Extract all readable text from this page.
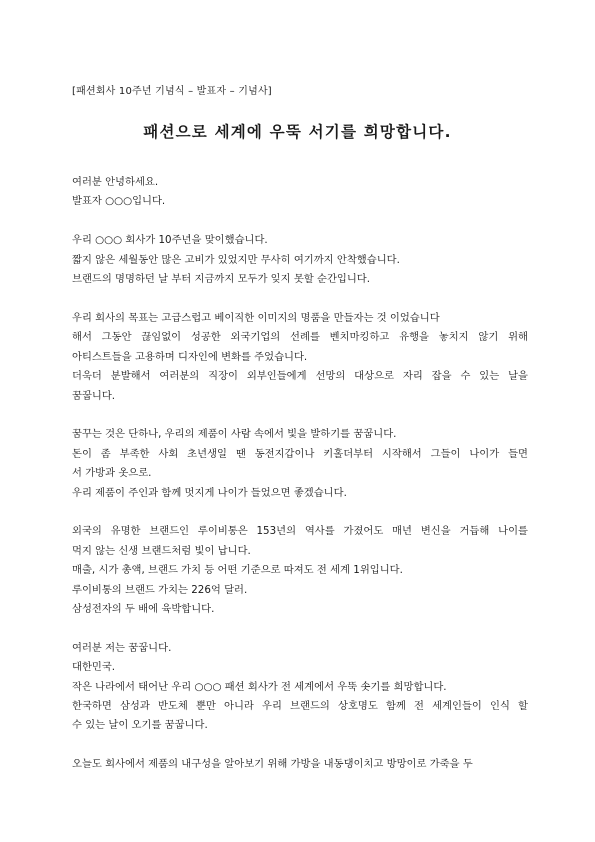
[패션회사 10주년 기념식 – 발표자 – 기념사]
패션으로 세계에 우뚝 서기를 희망합니다.
여러분 안녕하세요.
발표자 ○○○입니다.
우리 ○○○ 회사가 10주년을 맞이했습니다.
짧지 않은 세월동안 많은 고비가 있었지만 무사히 여기까지 안착했습니다.
브랜드의 명명하던 날 부터 지금까지 모두가 잊지 못할 순간입니다.
우리 회사의 목표는 고급스럽고 베이직한 이미지의 명품을 만들자는 것 이었습니다
해서 그동안 끊임없이 성공한 외국기업의 선례를 벤치마킹하고 유행을 놓치지 않기 위해
아티스트들을 고용하며 디자인에 변화를 주었습니다.
더욱더 분발해서 여러분의 직장이 외부인들에게 선망의 대상으로 자리 잡을 수 있는 날을
꿈꿉니다.
꿈꾸는 것은 단하나, 우리의 제품이 사람 속에서 빛을 발하기를 꿈꿉니다.
돈이 좀 부족한 사회 초년생일 땐 동전지갑이나 키홀더부터 시작해서 그들이 나이가 들면
서 가방과 옷으로.
우리 제품이 주인과 함께 멋지게 나이가 들었으면 좋겠습니다.
외국의 유명한 브랜드인 루이비통은 153년의 역사를 가졌어도 매년 변신을 거듭해 나이를
먹지 않는 신생 브랜드처럼 빛이 납니다.
매출, 시가 총액, 브랜드 가치 등 어떤 기준으로 따져도 전 세계 1위입니다.
루이비통의 브랜드 가치는 226억 달러.
삼성전자의 두 배에 육박합니다.
여러분 저는 꿈꿉니다.
대한민국.
작은 나라에서 태어난 우리 ○○○ 패션 회사가 전 세계에서 우뚝 솟기를 희망합니다.
한국하면 삼성과 반도체 뿐만 아니라 우리 브랜드의 상호명도 함께 전 세계인들이 인식 할
수 있는 날이 오기를 꿈꿉니다.
오늘도 회사에서 제품의 내구성을 알아보기 위해 가방을 내동댕이치고 방망이로 가죽을 두
